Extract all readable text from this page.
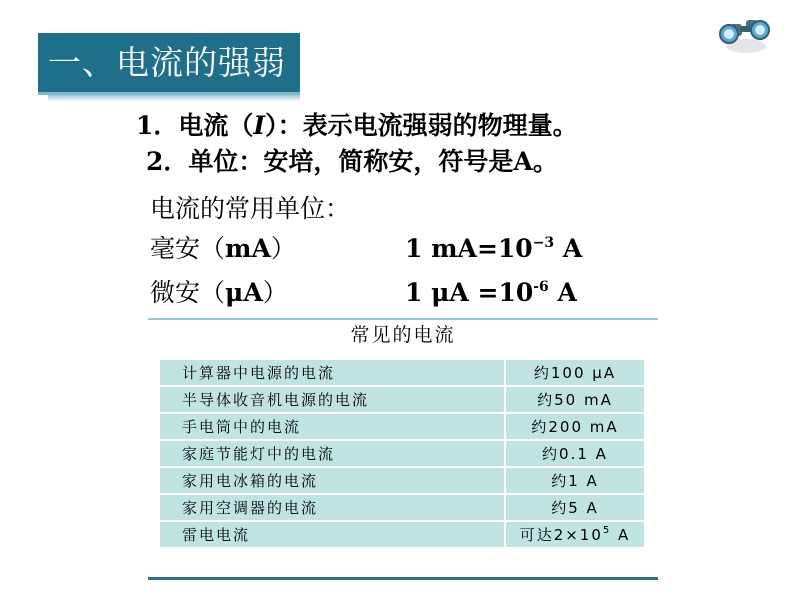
一、电流的强弱
1．电流（I）：表示电流强弱的物理量。
2．单位：安培，简称安，符号是A。
电流的常用单位：
毫安（mA）	1 $mA=10^{-3}$ A
微安（μA）	1 $\mu A =10^{-6}$ A
常见的电流
计算器中电源的电流	约100 μA
半导体收音机电源的电流	约50 mA
手电筒中的电流	约200 mA
家庭节能灯中的电流	约0.1 A
家用电冰箱的电流	约1 A
家用空调器的电流	约5 A
雷电电流	可达$2\times 10^5$ A
